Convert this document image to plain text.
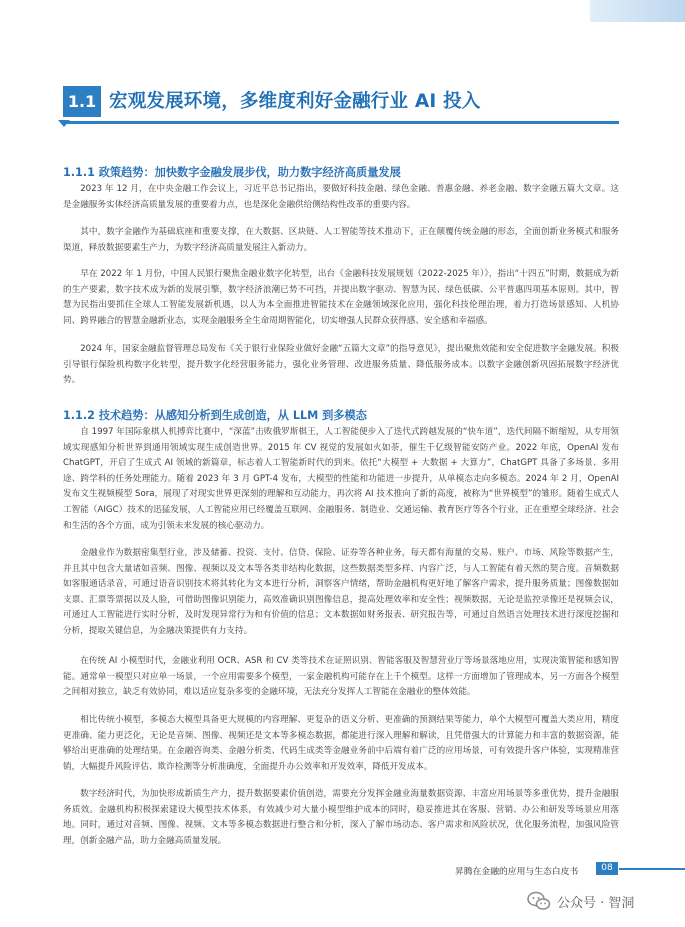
1.1 宏观发展环境，多维度利好金融行业 AI 投入
1.1.1 政策趋势：加快数字金融发展步伐，助力数字经济高质量发展
2023 年 12 月，在中央金融工作会议上，习近平总书记指出，要做好科技金融、绿色金融、普惠金融、养老金融、数字金融五篇大文章。这是金融服务实体经济高质量发展的重要着力点，也是深化金融供给侧结构性改革的重要内容。
其中，数字金融作为基础底座和重要支撑，在大数据、区块链、人工智能等技术推动下，正在颠覆传统金融的形态，全面创新业务模式和服务渠道，释放数据要素生产力，为数字经济高质量发展注入新动力。
早在 2022 年 1 月份，中国人民银行聚焦金融业数字化转型，出台《金融科技发展规划（2022-2025 年）》，指出“十四五”时期，数据成为新的生产要素，数字技术成为新的发展引擎，数字经济浪潮已势不可挡，并提出数字驱动、智慧为民、绿色低碳、公平普惠四项基本原则。其中，智慧为民指出要抓住全球人工智能发展新机遇，以人为本全面推进智能技术在金融领域深化应用，强化科技伦理治理，着力打造场景感知、人机协同、跨界融合的智慧金融新业态，实现金融服务全生命周期智能化，切实增强人民群众获得感、安全感和幸福感。
2024 年，国家金融监督管理总局发布《关于银行业保险业做好金融“五篇大文章”的指导意见》，提出聚焦效能和安全促进数字金融发展。积极引导银行保险机构数字化转型，提升数字化经营服务能力，强化业务管理、改进服务质量、降低服务成本。以数字金融创新巩固拓展数字经济优势。
1.1.2 技术趋势：从感知分析到生成创造，从 LLM 到多模态
自 1997 年国际象棋人机搏弈比赛中，“深蓝”击败俄罗斯棋王，人工智能便步入了迭代式跨越发展的“快车道”，迭代间隔不断缩短，从专用领域实现感知分析世界到通用领域实现生成创造世界。2015 年 CV 视觉的发展如火如荼，催生千亿级智能安防产业。2022 年底，OpenAI 发布 ChatGPT，开启了生成式 AI 领域的新篇章，标志着人工智能新时代的到来。依托“大模型 + 大数据 + 大算力”，ChatGPT 具备了多场景、多用途、跨学科的任务处理能力。随着 2023 年 3 月 GPT-4 发布，大模型的性能和功能进一步提升，从单模态走向多模态。2024 年 2 月，OpenAI 发布文生视频模型 Sora，展现了对现实世界更深刻的理解和互动能力，再次将 AI 技术推向了新的高度，被称为“世界模型”的雏形。随着生成式人工智能（AIGC）技术的迅猛发展，人工智能应用已经覆盖互联网、金融服务、制造业、交通运输、教育医疗等各个行业，正在重塑全球经济、社会和生活的各个方面，成为引领未来发展的核心驱动力。
金融业作为数据密集型行业，涉及储蓄、投资、支付、信贷、保险、证券等各种业务，每天都有海量的交易、账户、市场、风险等数据产生，并且其中包含大量诸如音频、图像、视频以及文本等各类非结构化数据，这些数据类型多样、内容广泛，与人工智能有着天然的契合度。音频数据如客服通话录音，可通过语音识别技术将其转化为文本进行分析，洞察客户情绪，帮助金融机构更好地了解客户需求，提升服务质量；图像数据如支票、汇票等票据以及人脸，可借助图像识别能力，高效准确识别图像信息，提高处理效率和安全性；视频数据，无论是监控录像还是视频会议，可通过人工智能进行实时分析，及时发现异常行为和有价值的信息；文本数据如财务报表、研究报告等，可通过自然语言处理技术进行深度挖掘和分析，提取关键信息，为金融决策提供有力支持。
在传统 AI 小模型时代，金融业利用 OCR、ASR 和 CV 类等技术在证照识别、智能客服及智慧营业厅等场景落地应用，实现决策智能和感知智能。通常单一模型只对应单一场景，一个应用需要多个模型，一家金融机构可能存在上千个模型。这样一方面增加了管理成本，另一方面各个模型之间相对独立，缺乏有效协同，难以适应复杂多变的金融环境，无法充分发挥人工智能在金融业的整体效能。
相比传统小模型，多模态大模型具备更大规模的内容理解、更复杂的语义分析、更准确的预测结果等能力，单个大模型可覆盖大类应用，精度更准确、能力更泛化，无论是音频、图像、视频还是文本等多模态数据，都能进行深入理解和解读，且凭借强大的计算能力和丰富的数据资源，能够给出更准确的处理结果。在金融咨询类、金融分析类、代码生成类等金融业务前中后端有着广泛的应用场景，可有效提升客户体验，实现精准营销，大幅提升风险评估、欺诈检测等分析准确度，全面提升办公效率和开发效率，降低开发成本。
数字经济时代，为加快形成新质生产力，提升数据要素价值创造，需要充分发挥金融业海量数据资源、丰富应用场景等多重优势，提升金融服务质效。金融机构积极探索建设大模型技术体系，有效减少对大量小模型维护成本的同时，稳妥推进其在客服、营销、办公和研发等场景应用落地。同时，通过对音频、图像、视频、文本等多模态数据进行整合和分析，深入了解市场动态、客户需求和风险状况，优化服务流程，加强风险管理，创新金融产品，助力金融高质量发展。
昇腾在金融的应用与生态白皮书	08
公众号 · 智洞
